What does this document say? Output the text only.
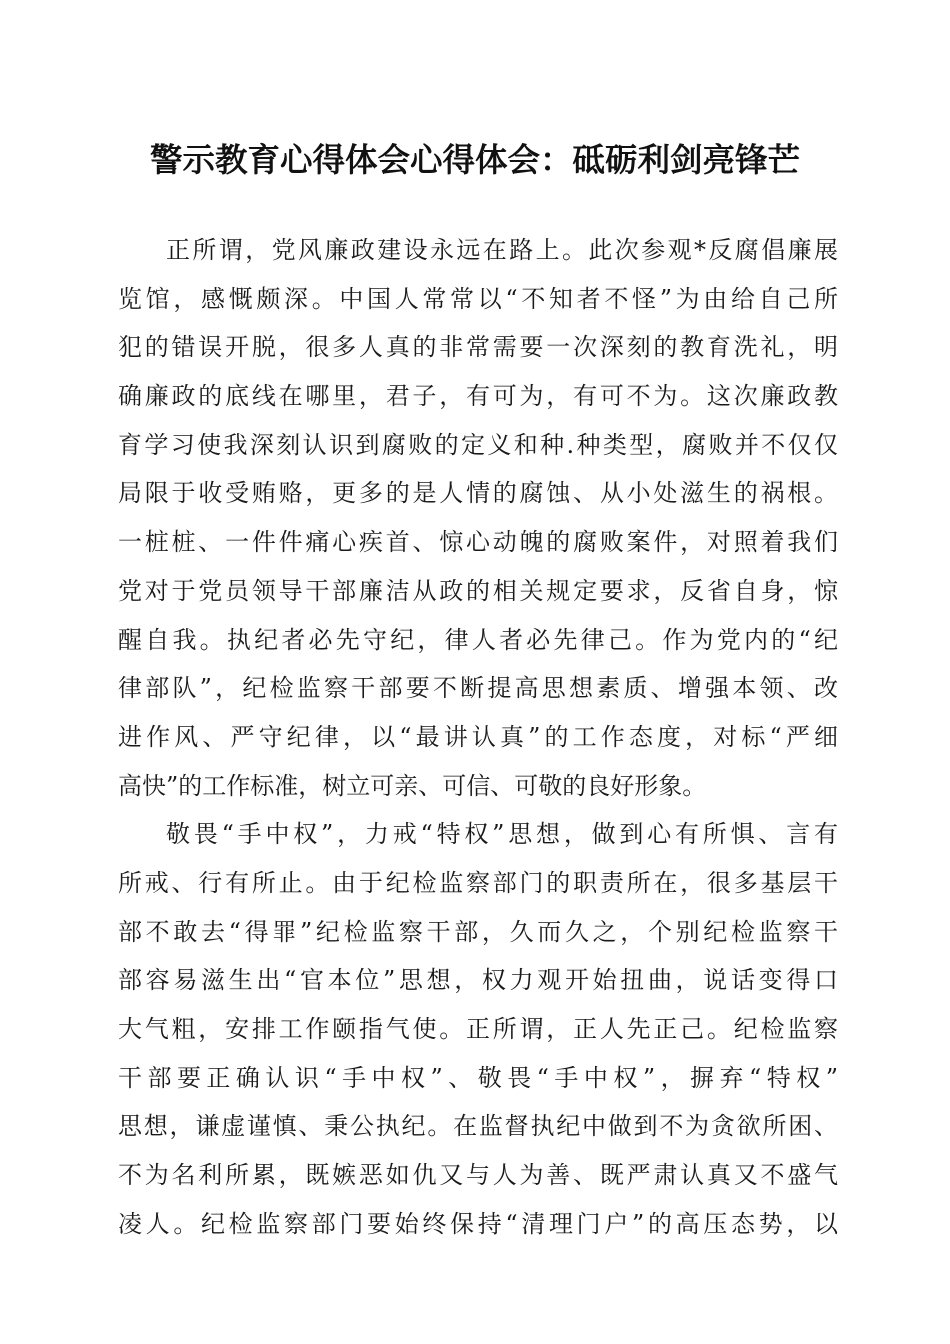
警示教育心得体会心得体会：砥砺利剑亮锋芒
正所谓，党风廉政建设永远在路上。此次参观*反腐倡廉展
览馆，感慨颇深。中国人常常以“不知者不怪”为由给自己所
犯的错误开脱，很多人真的非常需要一次深刻的教育洗礼，明
确廉政的底线在哪里，君子，有可为，有可不为。这次廉政教
育学习使我深刻认识到腐败的定义和种.种类型，腐败并不仅仅
局限于收受贿赂，更多的是人情的腐蚀、从小处滋生的祸根。
一桩桩、一件件痛心疾首、惊心动魄的腐败案件，对照着我们
党对于党员领导干部廉洁从政的相关规定要求，反省自身，惊
醒自我。执纪者必先守纪，律人者必先律己。作为党内的“纪
律部队”，纪检监察干部要不断提高思想素质、增强本领、改
进作风、严守纪律，以“最讲认真”的工作态度，对标“严细
高快”的工作标准，树立可亲、可信、可敬的良好形象。
敬畏“手中权”，力戒“特权”思想，做到心有所惧、言有
所戒、行有所止。由于纪检监察部门的职责所在，很多基层干
部不敢去“得罪”纪检监察干部，久而久之，个别纪检监察干
部容易滋生出“官本位”思想，权力观开始扭曲，说话变得口
大气粗，安排工作颐指气使。正所谓，正人先正己。纪检监察
干部要正确认识“手中权”、敬畏“手中权”，摒弃“特权”
思想，谦虚谨慎、秉公执纪。在监督执纪中做到不为贪欲所困、
不为名利所累，既嫉恶如仇又与人为善、既严肃认真又不盛气
凌人。纪检监察部门要始终保持“清理门户”的高压态势，以
